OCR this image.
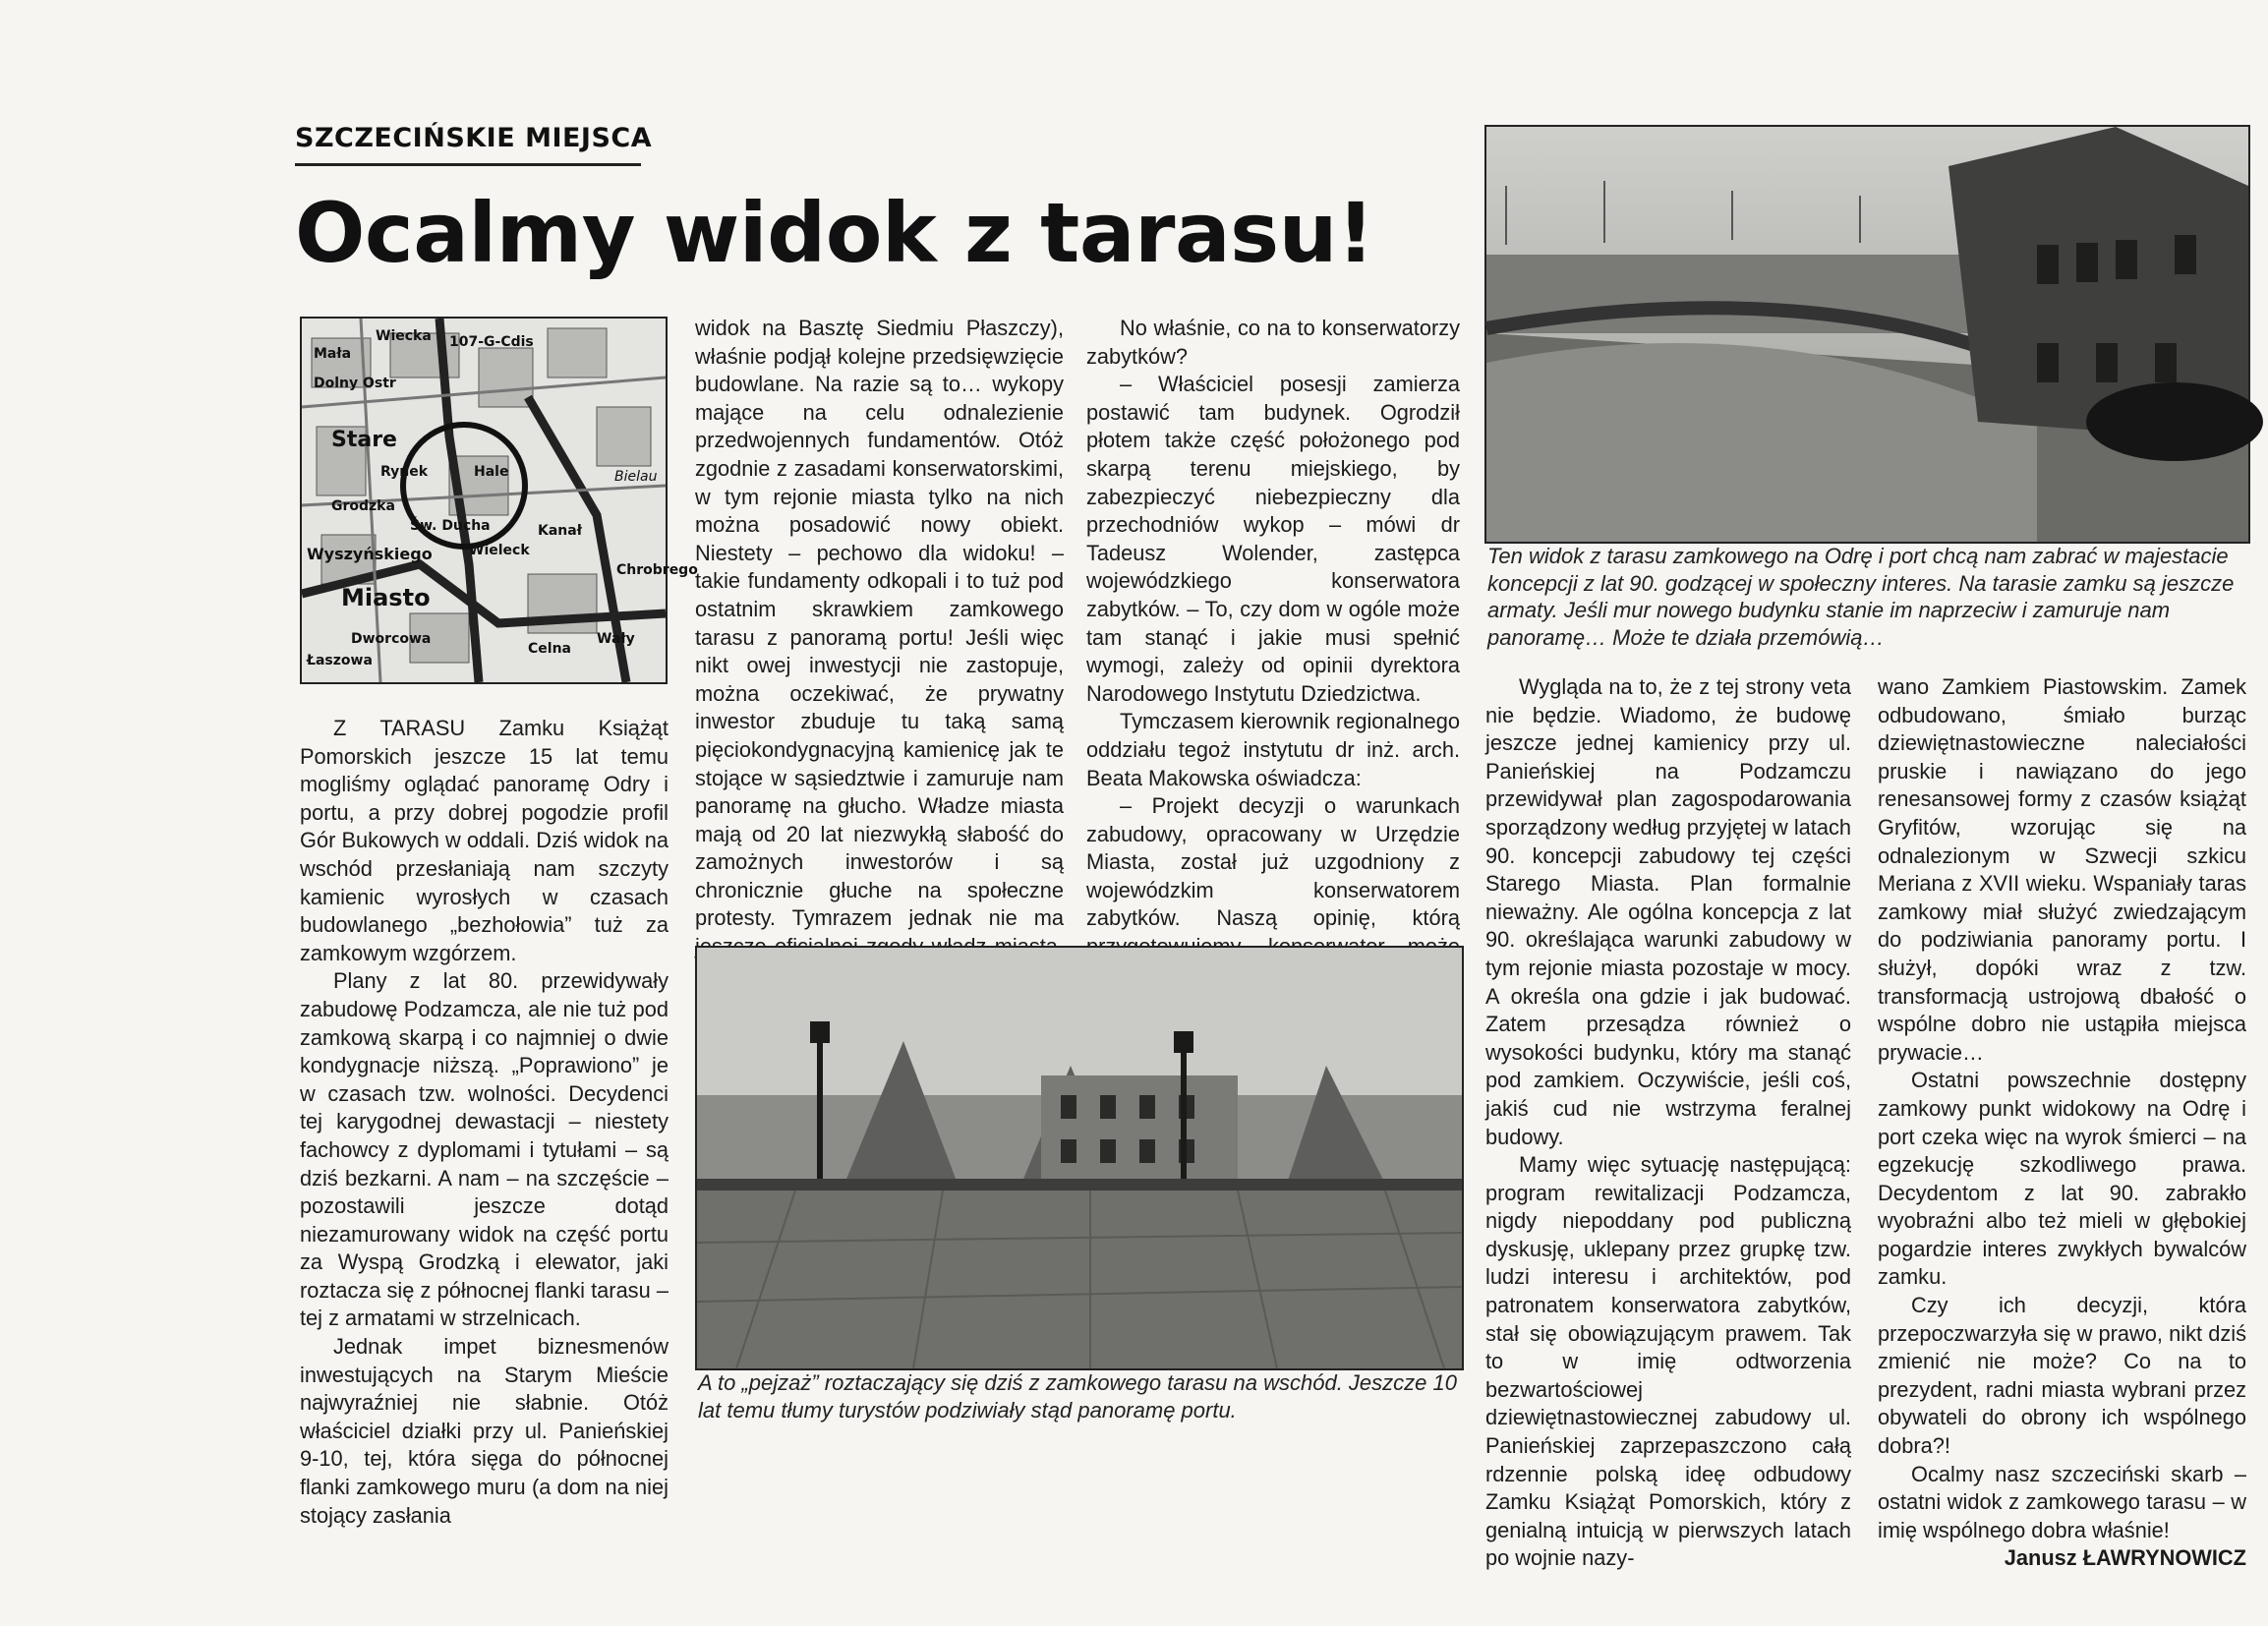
SZCZECIŃSKIE MIEJSCA
Ocalmy widok z tarasu!
Wiecka
Mała
Dolny Ostr
107-G-Cdis
Grodzka
Stare
Hale
Rynek	Bielau
Wyszyńskiego
Miasto
Wieleck
Dworcowa
Św. Ducha	Kanał
Celna
Łaszowa
Wały
Chrobrego

Z TARASU Zamku Książąt Pomorskich jeszcze 15 lat temu mogliśmy oglądać panoramę Odry i portu, a przy dobrej pogodzie profil Gór Bukowych w oddali. Dziś widok na wschód przesłaniają nam szczyty kamienic wyrosłych w czasach budowlanego „bezhołowia” tuż za zamkowym wzgórzem.

Plany z lat 80. przewidywały zabudowę Podzamcza, ale nie tuż pod zamkową skarpą i co najmniej o dwie kondygnacje niższą. „Poprawiono” je w czasach tzw. wolności. Decydenci tej karygodnej dewastacji – niestety fachowcy z dyplomami i tytułami – są dziś bezkarni. A nam – na szczęście – pozostawili jeszcze dotąd niezamurowany widok na część portu za Wyspą Grodzką i elewator, jaki roztacza się z północnej flanki tarasu – tej z armatami w strzelnicach.

Jednak impet biznesmenów inwestujących na Starym Mieście najwyraźniej nie słabnie. Otóż właściciel działki przy ul. Panieńskiej 9-10, tej, która sięga do północnej flanki zamkowego muru (a dom na niej stojący zasłania

widok na Basztę Siedmiu Płaszczy), właśnie podjął kolejne przedsięwzięcie budowlane. Na razie są to… wykopy mające na celu odnalezienie przedwojennych fundamentów. Otóż zgodnie z zasadami konserwatorskimi, w tym rejonie miasta tylko na nich można posadowić nowy obiekt. Niestety – pechowo dla widoku! – takie fundamenty odkopali i to tuż pod ostatnim skrawkiem zamkowego tarasu z panoramą portu! Jeśli więc nikt owej inwestycji nie zastopuje, można oczekiwać, że prywatny inwestor zbuduje tu taką samą pięciokondygnacyjną kamienicę jak te stojące w sąsiedztwie i zamuruje nam panoramę na głucho. Władze miasta mają od 20 lat niezwykłą słabość do zamożnych inwestorów i są chronicznie głuche na społeczne protesty. Tymrazem jednak nie ma

No właśnie, co na to konserwatorzy zabytków?

– Właściciel posesji zamierza postawić tam budynek. Ogrodził płotem także część położonego pod skarpą terenu miejskiego, by zabezpieczyć niebezpieczny dla przechodniów wykop – mówi dr Tadeusz Wolender, zastępca wojewódzkiego konserwatora zabytków. – To, czy dom w ogóle może tam stanąć i jakie musi spełnić wymogi, zależy od opinii dyrektora Narodowego Instytutu Dziedzictwa.

Tymczasem kierownik regionalnego oddziału tegoż instytutu dr inż. arch. Beata Makowska oświadcza:

– Projekt decyzji o warunkach zabudowy, opracowany w Urzędzie Miasta, został już uzgodniony z wojewódzkim konserwatorem zabytków. Naszą opinię, którą

Ten widok z tarasu zamkowego na Odrę i port chcą nam zabrać w majestacie koncepcji z lat 90. godzącej w społeczny interes. Na tarasie zamku są jeszcze armaty. Jeśli mur nowego budynku stanie im naprzeciw i zamuruje nam panoramę… Może te działa przemówią…

Wygląda na to, że z tej strony veta nie będzie. Wiadomo, że budowę jeszcze jednej kamienicy przy ul. Panieńskiej na Podzamczu przewidywał plan zagospodarowania sporządzony według przyjętej w latach 90. koncepcji zabudowy tej części Starego Miasta. Plan formalnie nieważny. Ale ogólna koncepcja z lat 90. określająca warunki zabudowy w tym rejonie miasta pozostaje w mocy. A określa ona gdzie i jak budować. Zatem przesądza również o wysokości budynku, który ma stanąć pod zamkiem. Oczywiście, jeśli coś, jakiś cud nie wstrzyma feralnej budowy.

Mamy więc sytuację następującą: program rewitalizacji Podzamcza, nigdy niepoddany pod publiczną dyskusję, uklepany przez grupkę tzw. ludzi interesu i architektów, pod patronatem konserwatora zabytków, stał się obowiązującym prawem. Tak to w imię odtworzenia bezwartościowej dziewiętnastowiecznej zabudowy ul. Panieńskiej zaprzepaszczono całą rdzennie polską ideę odbudowy Zamku Książąt Pomorskich, który z genialną intuicją w pierwszych latach po wojnie nazy-

wano Zamkiem Piastowskim. Zamek odbudowano, śmiało burząc dziewiętnastowieczne naleciałości pruskie i nawiązano do jego renesansowej formy z czasów książąt Gryfitów, wzorując się na odnalezionym w Szwecji szkicu Meriana z XVII wieku. Wspaniały taras zamkowy miał służyć zwiedzającym do podziwiania panoramy portu. I służył, dopóki wraz z tzw. transformacją ustrojową dbałość o wspólne dobro nie ustąpiła miejsca prywacie…

Ostatni powszechnie dostępny zamkowy punkt widokowy na Odrę i port czeka więc na wyrok śmierci – na egzekucję szkodliwego prawa. Decydentom z lat 90. zabrakło wyobraźni albo też mieli w głębokiej pogardzie interes zwykłych bywalców zamku.

Czy ich decyzji, która przepoczwarzyła się w prawo, nikt dziś zmienić nie może? Co na to prezydent, radni miasta wybrani przez obywateli do obrony ich wspólnego dobra?!

Ocalmy nasz szczeciński skarb – ostatni widok z zamkowego tarasu – w imię wspólnego dobra właśnie!
Janusz ŁAWRYNOWICZ

A to „pejzaż” roztaczający się dziś z zamkowego tarasu na wschód. Jeszcze 10 lat temu tłumy turystów podziwiały stąd panoramę portu.
